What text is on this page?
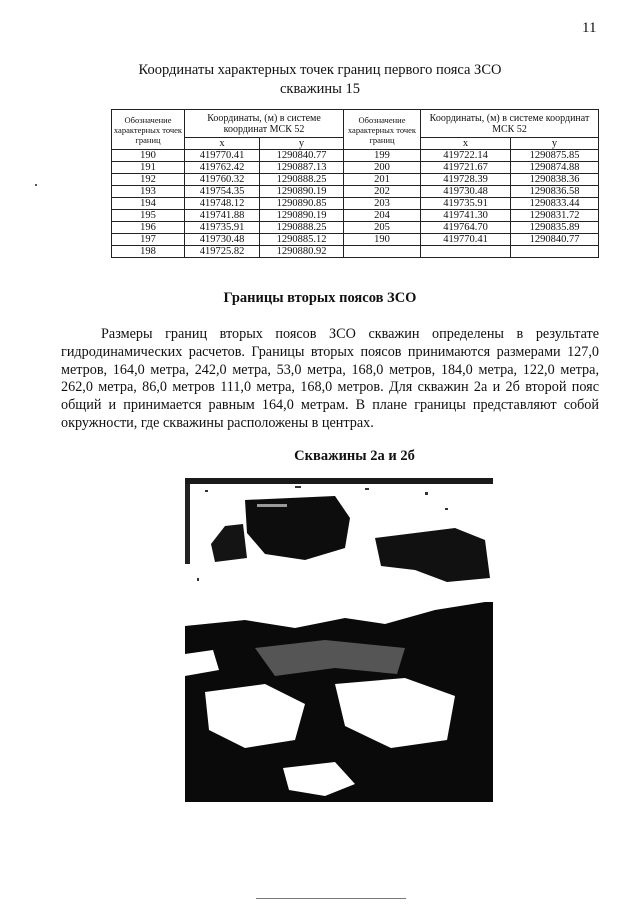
11
Координаты характерных точек границ первого пояса ЗСО
скважины 15
Обозначение характерных точек границ	Координаты, (м) в системе координат МСК 52		Обозначение характерных точек границ	Координаты, (м) в системе координат МСК 52	
	x	y		x	y
190	419770.41	1290840.77	199	419722.14	1290875.85
191	419762.42	1290887.13	200	419721.67	1290874.88
192	419760.32	1290888.25	201	419728.39	1290838.36
193	419754.35	1290890.19	202	419730.48	1290836.58
194	419748.12	1290890.85	203	419735.91	1290833.44
195	419741.88	1290890.19	204	419741.30	1290831.72
196	419735.91	1290888.25	205	419764.70	1290835.89
197	419730.48	1290885.12	190	419770.41	1290840.77
198	419725.82	1290880.92			
Границы вторых поясов ЗСО
Размеры границ вторых поясов ЗСО скважин определены в результате гидродинамических расчетов. Границы вторых поясов принимаются размерами 127,0 метров, 164,0 метра, 242,0 метра, 53,0 метра, 168,0 метров, 184,0 метра, 122,0 метра, 262,0 метра, 86,0 метров 111,0 метра, 168,0 метров. Для скважин 2а и 2б второй пояс общий и принимается равным 164,0 метрам. В плане границы представляют собой окружности, где скважины расположены в центрах.
Скважины 2а и 2б
